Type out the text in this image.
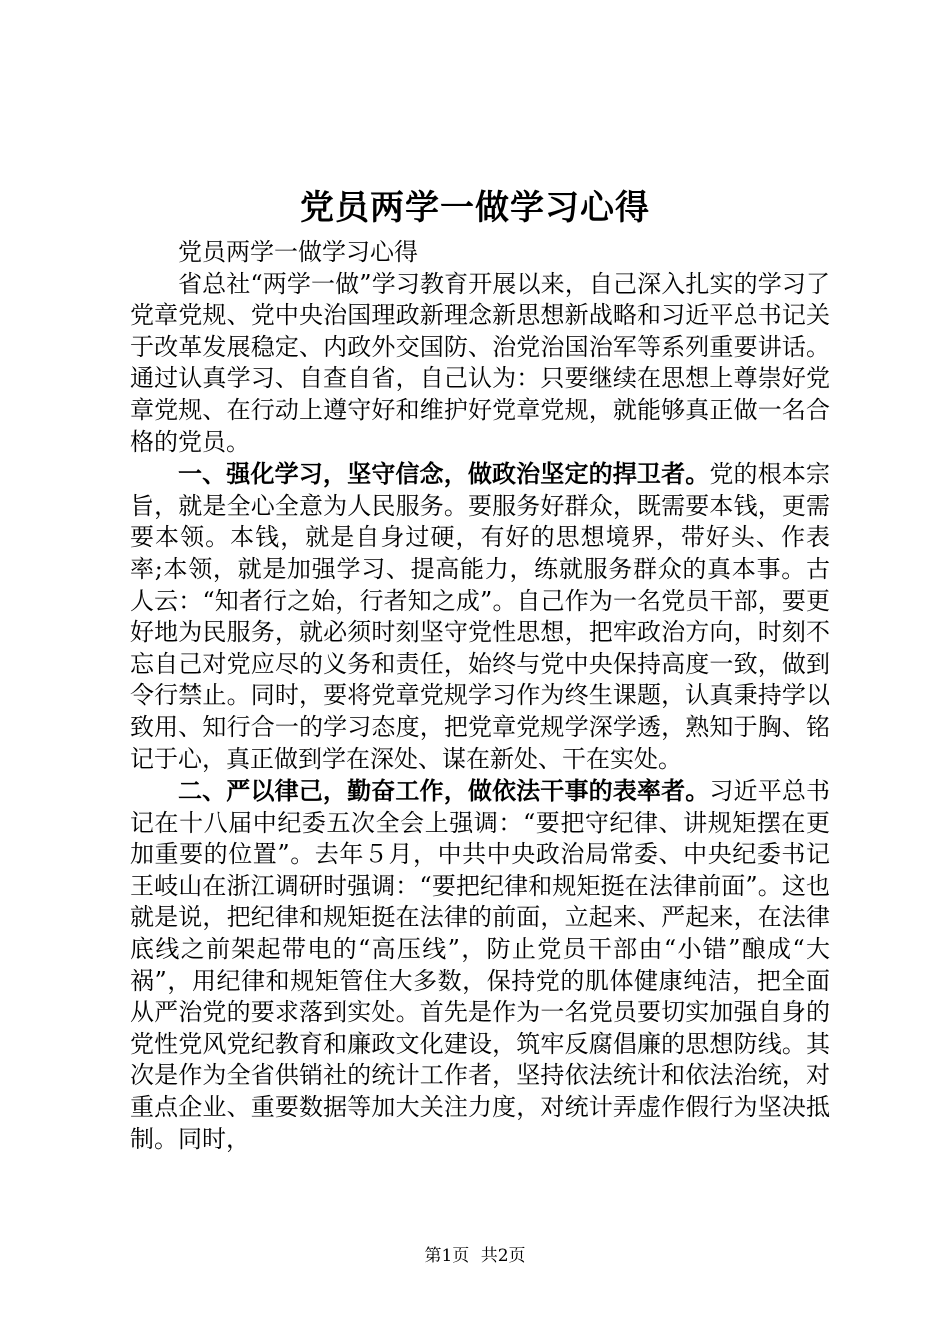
党员两学一做学习心得

党员两学一做学习心得

省总社“两学一做”学习教育开展以来，自己深入扎实的学习了党章党规、党中央治国理政新理念新思想新战略和习近平总书记关于改革发展稳定、内政外交国防、治党治国治军等系列重要讲话。通过认真学习、自查自省，自己认为：只要继续在思想上尊崇好党章党规、在行动上遵守好和维护好党章党规，就能够真正做一名合格的党员。

一、强化学习，坚守信念，做政治坚定的捍卫者。党的根本宗旨，就是全心全意为人民服务。要服务好群众，既需要本钱，更需要本领。本钱，就是自身过硬，有好的思想境界，带好头、作表率;本领，就是加强学习、提高能力，练就服务群众的真本事。古人云：“知者行之始，行者知之成”。自己作为一名党员干部，要更好地为民服务，就必须时刻坚守党性思想，把牢政治方向，时刻不忘自己对党应尽的义务和责任，始终与党中央保持高度一致，做到令行禁止。同时，要将党章党规学习作为终生课题，认真秉持学以致用、知行合一的学习态度，把党章党规学深学透，熟知于胸、铭记于心，真正做到学在深处、谋在新处、干在实处。

二、严以律己，勤奋工作，做依法干事的表率者。习近平总书记在十八届中纪委五次全会上强调：“要把守纪律、讲规矩摆在更加重要的位置”。去年５月，中共中央政治局常委、中央纪委书记王岐山在浙江调研时强调：“要把纪律和规矩挺在法律前面”。这也就是说，把纪律和规矩挺在法律的前面，立起来、严起来，在法律底线之前架起带电的“高压线”，防止党员干部由“小错”酿成“大祸”，用纪律和规矩管住大多数，保持党的肌体健康纯洁，把全面从严治党的要求落到实处。首先是作为一名党员要切实加强自身的党性党风党纪教育和廉政文化建设，筑牢反腐倡廉的思想防线。其次是作为全省供销社的统计工作者，坚持依法统计和依法治统，对重点企业、重要数据等加大关注力度，对统计弄虚作假行为坚决抵制。同时，

第1页 共2页
